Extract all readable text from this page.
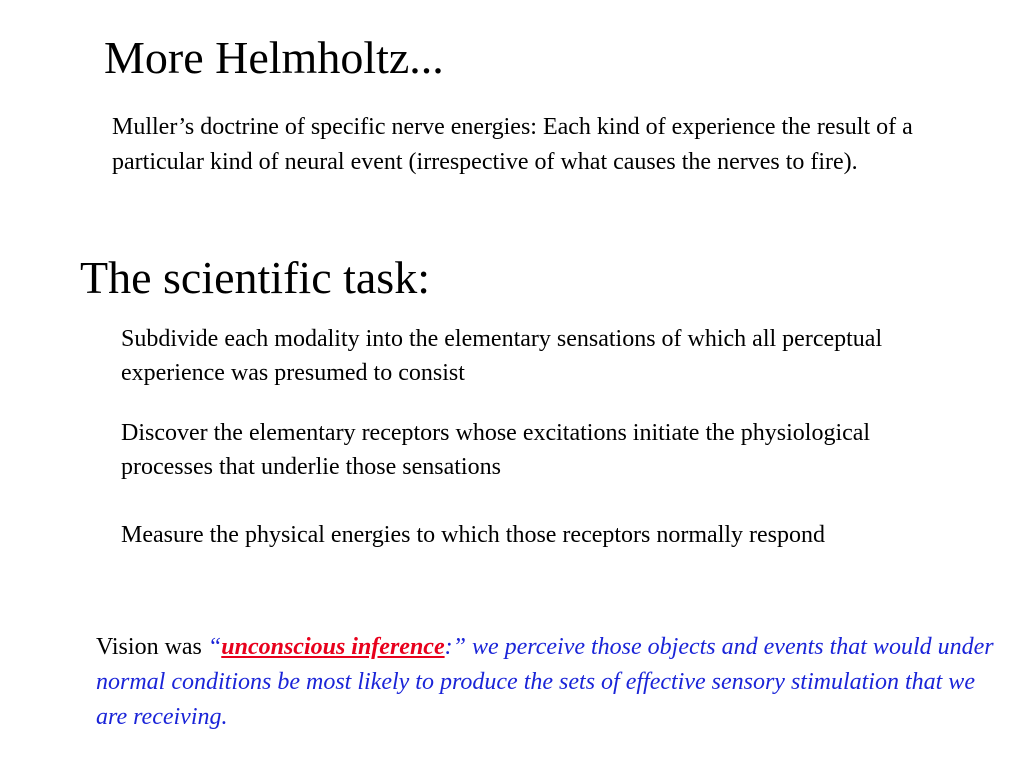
More Helmholtz...
Muller’s doctrine of specific nerve energies: Each kind of experience the result of a particular kind of neural event (irrespective of what causes the nerves to fire).
The scientific task:
Subdivide each modality into the elementary sensations of which all perceptual experience was presumed to consist
Discover the elementary receptors whose excitations initiate the physiological processes that underlie those sensations
Measure the physical energies to which those receptors normally respond
Vision was “unconscious inference:” we perceive those objects and events that would under normal conditions be most likely to produce the sets of effective sensory stimulation that we are receiving.
